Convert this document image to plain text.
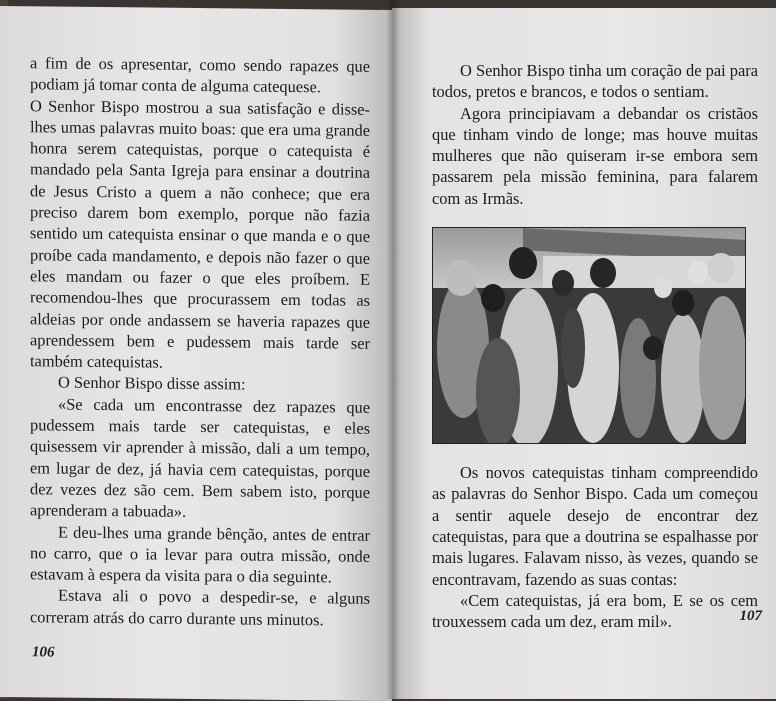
a fim de os apresentar, como sendo rapazes que podiam já tomar conta de alguma catequese.

O Senhor Bispo mostrou a sua satisfação e disse-lhes umas palavras muito boas: que era uma grande honra serem catequistas, porque o catequista é mandado pela Santa Igreja para ensinar a doutrina de Jesus Cristo a quem a não conhece; que era preciso darem bom exemplo, porque não fazia sentido um catequista ensinar o que manda e o que proíbe cada mandamento, e depois não fazer o que eles mandam ou fazer o que eles proíbem. E recomendou-lhes que procurassem em todas as aldeias por onde andassem se haveria rapazes que aprendessem bem e pudessem mais tarde ser também catequistas.

O Senhor Bispo disse assim:

«Se cada um encontrasse dez rapazes que pudessem mais tarde ser catequistas, e eles quisessem vir aprender à missão, dali a um tempo, em lugar de dez, já havia cem catequistas, porque dez vezes dez são cem. Bem sabem isto, porque aprenderam a tabuada».

E deu-lhes uma grande bênção, antes de entrar no carro, que o ia levar para outra missão, onde estavam à espera da visita para o dia seguinte.

Estava ali o povo a despedir-se, e alguns correram atrás do carro durante uns minutos.

106

O Senhor Bispo tinha um coração de pai para todos, pretos e brancos, e todos o sentiam.

Agora principiavam a debandar os cristãos que tinham vindo de longe; mas houve muitas mulheres que não quiseram ir-se embora sem passarem pela missão feminina, para falarem com as Irmãs.

Os novos catequistas tinham compreendido as palavras do Senhor Bispo. Cada um começou a sentir aquele desejo de encontrar dez catequistas, para que a doutrina se espalhasse por mais lugares. Falavam nisso, às vezes, quando se encontravam, fazendo as suas contas:

«Cem catequistas, já era bom, E se os cem trouxessem cada um dez, eram mil».	107
